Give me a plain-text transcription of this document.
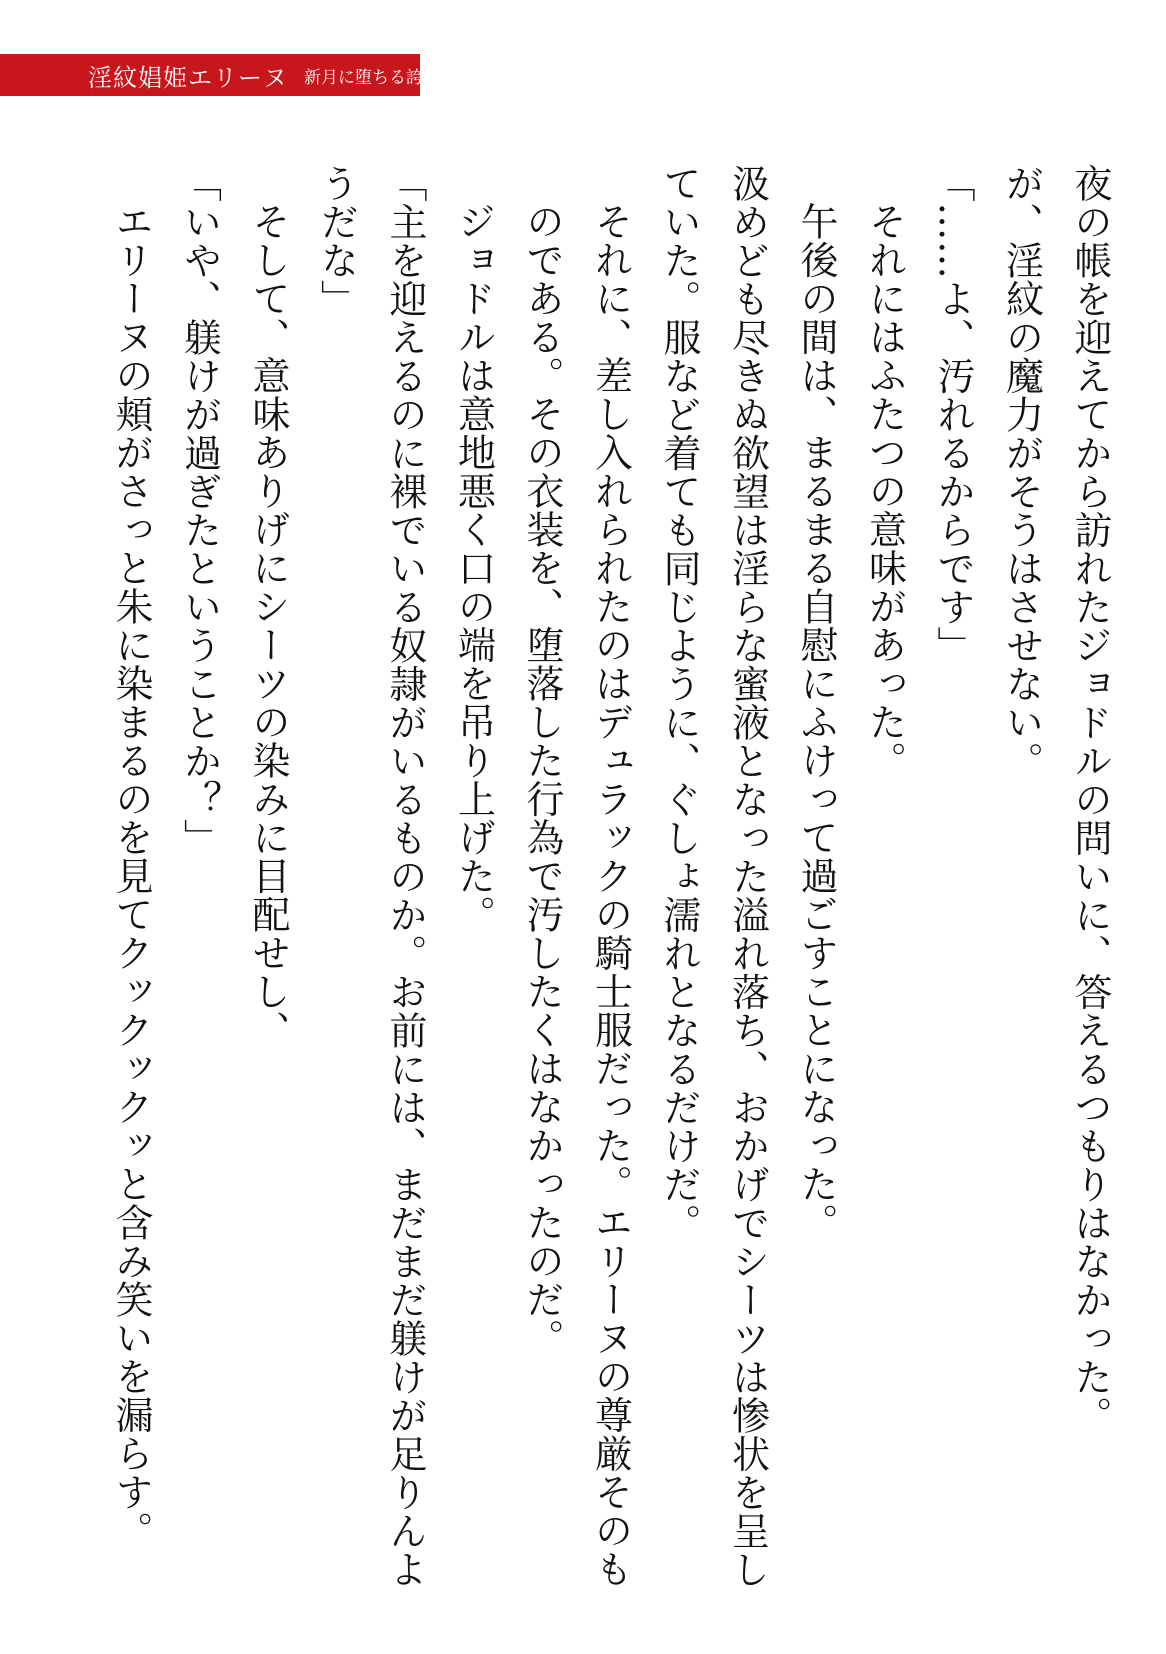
淫紋娼姫エリーヌ 新月に堕ちる誇り

夜の帳を迎えてから訪れたジョドルの問いに、答えるつもりはなかった。

が、淫紋の魔力がそうはさせない。

「……よ、汚れるからです」

それにはふたつの意味があった。

午後の間は、まるまる自慰にふけって過ごすことになった。

汲めども尽きぬ欲望は淫らな蜜液となった溢れ落ち、おかげでシーツは惨状を呈していた。服など着ても同じように、ぐしょ濡れとなるだけだ。

それに、差し入れられたのはデュラックの騎士服だった。エリーヌの尊厳そのものである。その衣装を、堕落した行為で汚したくはなかったのだ。

ジョドルは意地悪く口の端を吊り上げた。

「主を迎えるのに裸でいる奴隷がいるものか。お前には、まだまだ躾けが足りんようだな」

そして、意味ありげにシーツの染みに目配せし、

「いや、躾けが過ぎたということか？」

エリーヌの頬がさっと朱に染まるのを見てクックックッと含み笑いを漏らす。
